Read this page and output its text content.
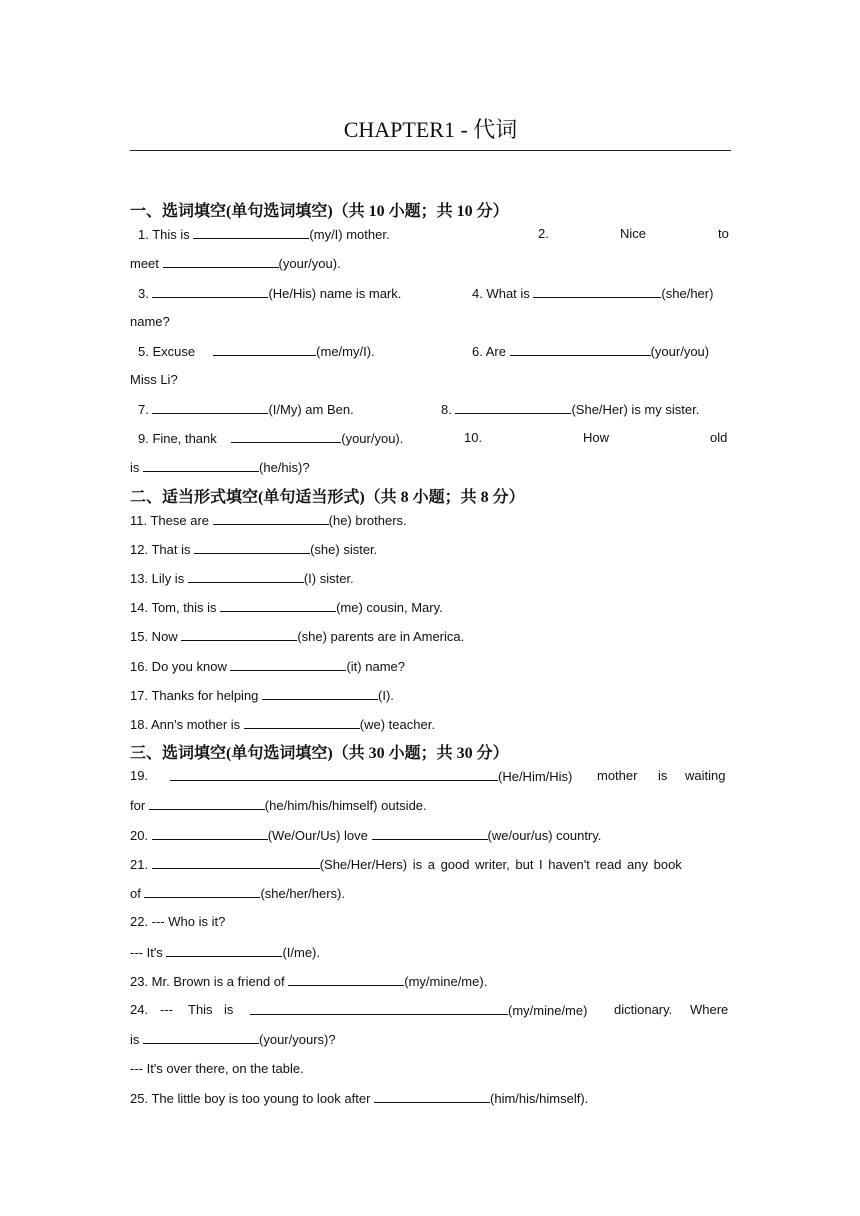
CHAPTER1 - 代词
一、选词填空(单句选词填空)（共 10 小题；共 10 分）
1. This is	(my/I) mother.	2.	Nice	to
meet	(your/you).
3.	(He/His) name is mark.	4. What is	(she/her)
name?
5. Excuse	(me/my/I).	6. Are	(your/you)
Miss Li?
7.	(I/My) am Ben.	8.	(She/Her) is my sister.
9. Fine, thank	(your/you).	10.	How	old
is	(he/his)?
二、适当形式填空(单句适当形式)（共 8 小题；共 8 分）
11. These are	(he) brothers.
12. That is	(she) sister.
13. Lily is	(I) sister.
14. Tom, this is	(me) cousin, Mary.
15. Now	(she) parents are in America.
16. Do you know	(it) name?
17. Thanks for helping	(I).
18. Ann's mother is	(we) teacher.
三、选词填空(单句选词填空)（共 30 小题；共 30 分）
19.	(He/Him/His) mother is waiting
for	(he/him/his/himself) outside.
20.	(We/Our/Us) love	(we/our/us) country.
21.	(She/Her/Hers) is a good writer, but I haven't read any book
of	(she/her/hers).
22. --- Who is it?
--- It's	(I/me).
23. Mr. Brown is a friend of	(my/mine/me).
24. --- This is	(my/mine/me) dictionary. Where
is	(your/yours)?
--- It's over there, on the table.
25. The little boy is too young to look after	(him/his/himself).
